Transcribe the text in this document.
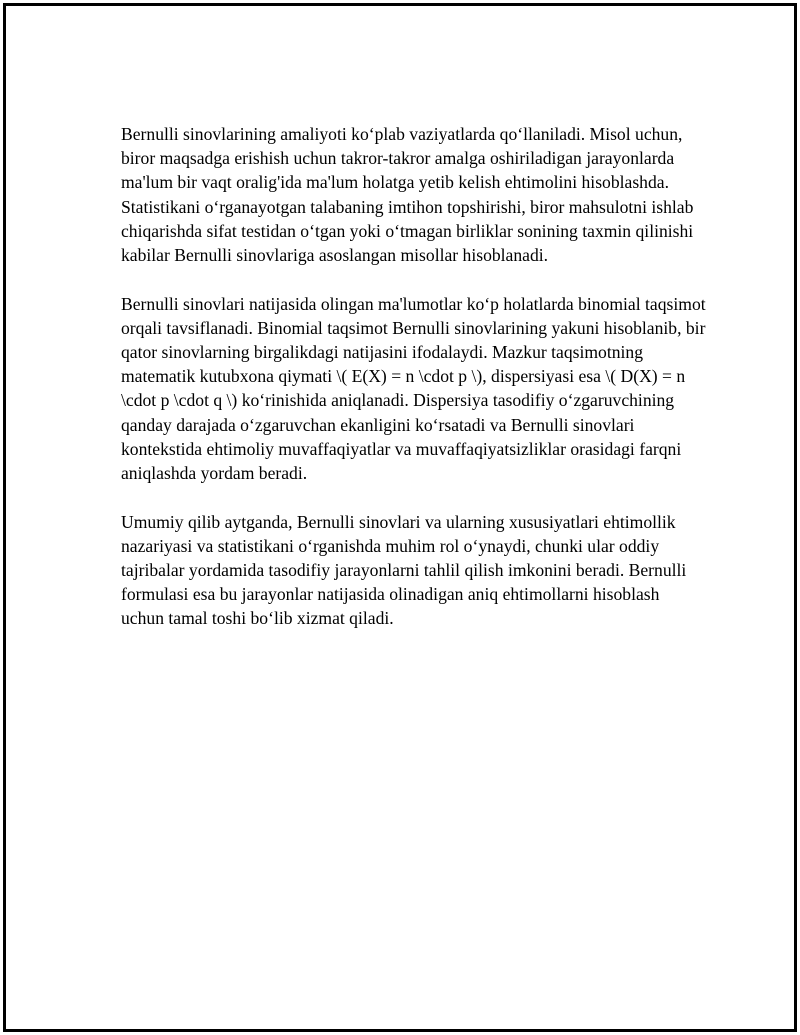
Bernulli sinovlarining amaliyoti ko‘plab vaziyatlarda qo‘llaniladi. Misol uchun, biror maqsadga erishish uchun takror-takror amalga oshiriladigan jarayonlarda ma'lum bir vaqt oralig'ida ma'lum holatga yetib kelish ehtimolini hisoblashda. Statistikani o‘rganayotgan talabaning imtihon topshirishi, biror mahsulotni ishlab chiqarishda sifat testidan o‘tgan yoki o‘tmagan birliklar sonining taxmin qilinishi kabilar Bernulli sinovlariga asoslangan misollar hisoblanadi.

Bernulli sinovlari natijasida olingan ma'lumotlar ko‘p holatlarda binomial taqsimot orqali tavsiflanadi. Binomial taqsimot Bernulli sinovlarining yakuni hisoblanib, bir qator sinovlarning birgalikdagi natijasini ifodalaydi. Mazkur taqsimotning matematik kutubxona qiymati \( E(X) = n \cdot p \), dispersiyasi esa \( D(X) = n \cdot p \cdot q \) ko‘rinishida aniqlanadi. Dispersiya tasodifiy o‘zgaruvchining qanday darajada o‘zgaruvchan ekanligini ko‘rsatadi va Bernulli sinovlari kontekstida ehtimoliy muvaffaqiyatlar va muvaffaqiyatsizliklar orasidagi farqni aniqlashda yordam beradi.

Umumiy qilib aytganda, Bernulli sinovlari va ularning xususiyatlari ehtimollik nazariyasi va statistikani o‘rganishda muhim rol o‘ynaydi, chunki ular oddiy tajribalar yordamida tasodifiy jarayonlarni tahlil qilish imkonini beradi. Bernulli formulasi esa bu jarayonlar natijasida olinadigan aniq ehtimollarni hisoblash uchun tamal toshi bo‘lib xizmat qiladi.
